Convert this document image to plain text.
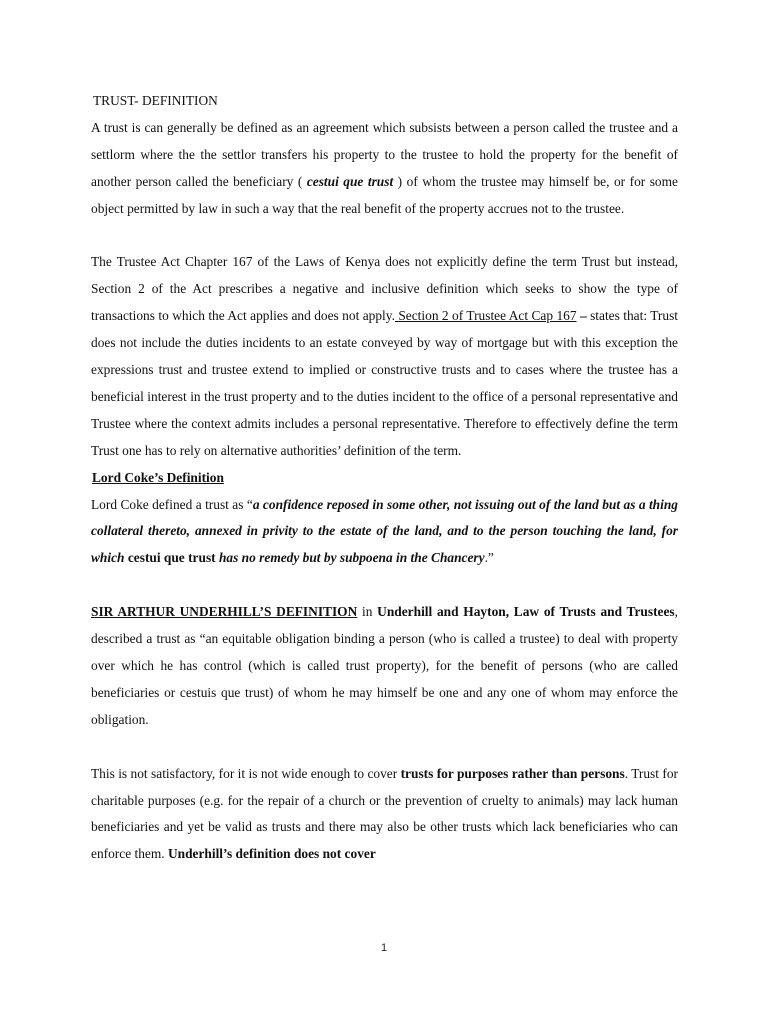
TRUST- DEFINITION

A trust is can generally be defined as an agreement which subsists between a person called the trustee and a settlorm where the the settlor transfers his property to the trustee to hold the property for the benefit of another person called the beneficiary ( cestui que trust ) of whom the trustee may himself be, or for some object permitted by law in such a way that the real benefit of the property accrues not to the trustee.

The Trustee Act Chapter 167 of the Laws of Kenya does not explicitly define the term Trust but instead, Section 2 of the Act prescribes a negative and inclusive definition which seeks to show the type of transactions to which the Act applies and does not apply. Section 2 of Trustee Act Cap 167 – states that: Trust does not include the duties incidents to an estate conveyed by way of mortgage but with this exception the expressions trust and trustee extend to implied or constructive trusts and to cases where the trustee has a beneficial interest in the trust property and to the duties incident to the office of a personal representative and Trustee where the context admits includes a personal representative. Therefore to effectively define the term Trust one has to rely on alternative authorities’ definition of the term.

Lord Coke’s Definition

Lord Coke defined a trust as “a confidence reposed in some other, not issuing out of the land but as a thing collateral thereto, annexed in privity to the estate of the land, and to the person touching the land, for which cestui que trust has no remedy but by subpoena in the Chancery.”

SIR ARTHUR UNDERHILL’S DEFINITION in Underhill and Hayton, Law of Trusts and Trustees, described a trust as “an equitable obligation binding a person (who is called a trustee) to deal with property over which he has control (which is called trust property), for the benefit of persons (who are called beneficiaries or cestuis que trust) of whom he may himself be one and any one of whom may enforce the obligation.

This is not satisfactory, for it is not wide enough to cover trusts for purposes rather than persons. Trust for charitable purposes (e.g. for the repair of a church or the prevention of cruelty to animals) may lack human beneficiaries and yet be valid as trusts and there may also be other trusts which lack beneficiaries who can enforce them. Underhill’s definition does not cover

1
